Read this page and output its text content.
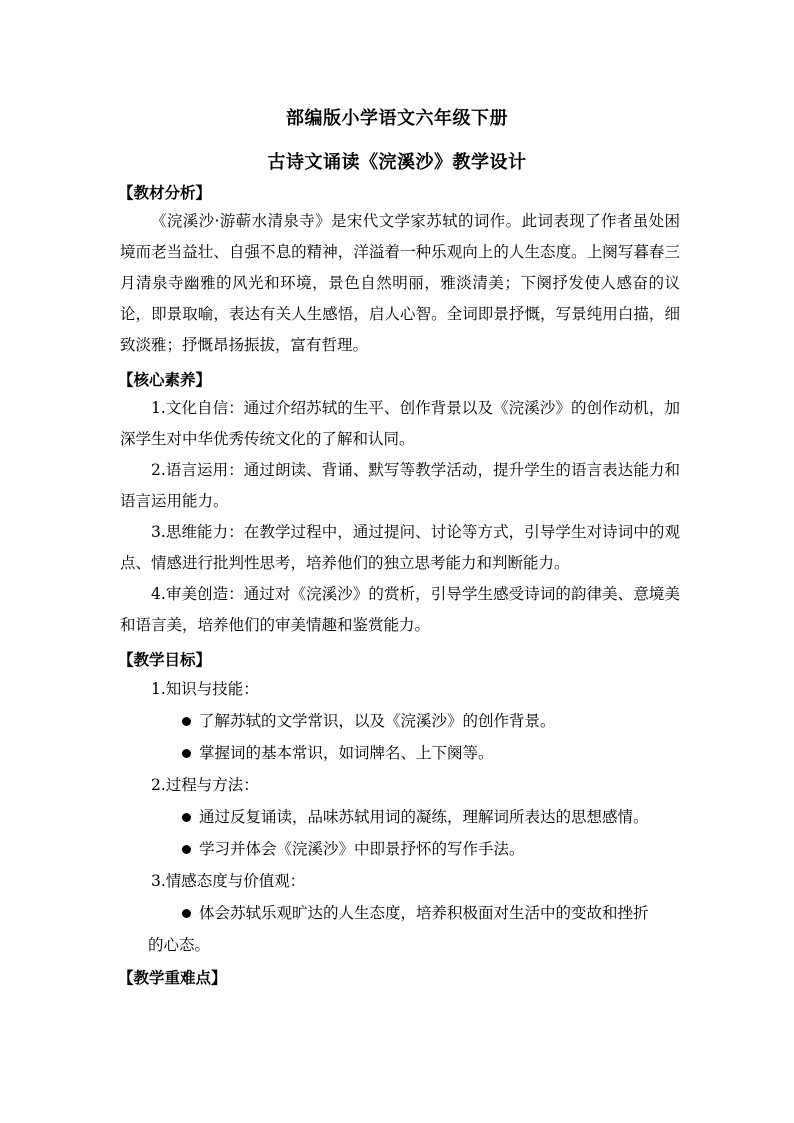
部编版小学语文六年级下册
古诗文诵读《浣溪沙》教学设计
【教材分析】

《浣溪沙·游蕲水清泉寺》是宋代文学家苏轼的词作。此词表现了作者虽处困境而老当益壮、自强不息的精神，洋溢着一种乐观向上的人生态度。上阕写暮春三月清泉寺幽雅的风光和环境，景色自然明丽，雅淡清美；下阕抒发使人感奋的议论，即景取喻，表达有关人生感悟，启人心智。全词即景抒慨，写景纯用白描，细致淡雅；抒慨昂扬振拔，富有哲理。

【核心素养】
1.文化自信：通过介绍苏轼的生平、创作背景以及《浣溪沙》的创作动机，加深学生对中华优秀传统文化的了解和认同。
2.语言运用：通过朗读、背诵、默写等教学活动，提升学生的语言表达能力和语言运用能力。
3.思维能力：在教学过程中，通过提问、讨论等方式，引导学生对诗词中的观点、情感进行批判性思考，培养他们的独立思考能力和判断能力。
4.审美创造：通过对《浣溪沙》的赏析，引导学生感受诗词的韵律美、意境美和语言美，培养他们的审美情趣和鉴赏能力。
【教学目标】
1.知识与技能：
了解苏轼的文学常识，以及《浣溪沙》的创作背景。
掌握词的基本常识，如词牌名、上下阕等。
2.过程与方法：
通过反复诵读，品味苏轼用词的凝练，理解词所表达的思想感情。
学习并体会《浣溪沙》中即景抒怀的写作手法。
3.情感态度与价值观：
体会苏轼乐观旷达的人生态度，培养积极面对生活中的变故和挫折
的心态。
【教学重难点】
